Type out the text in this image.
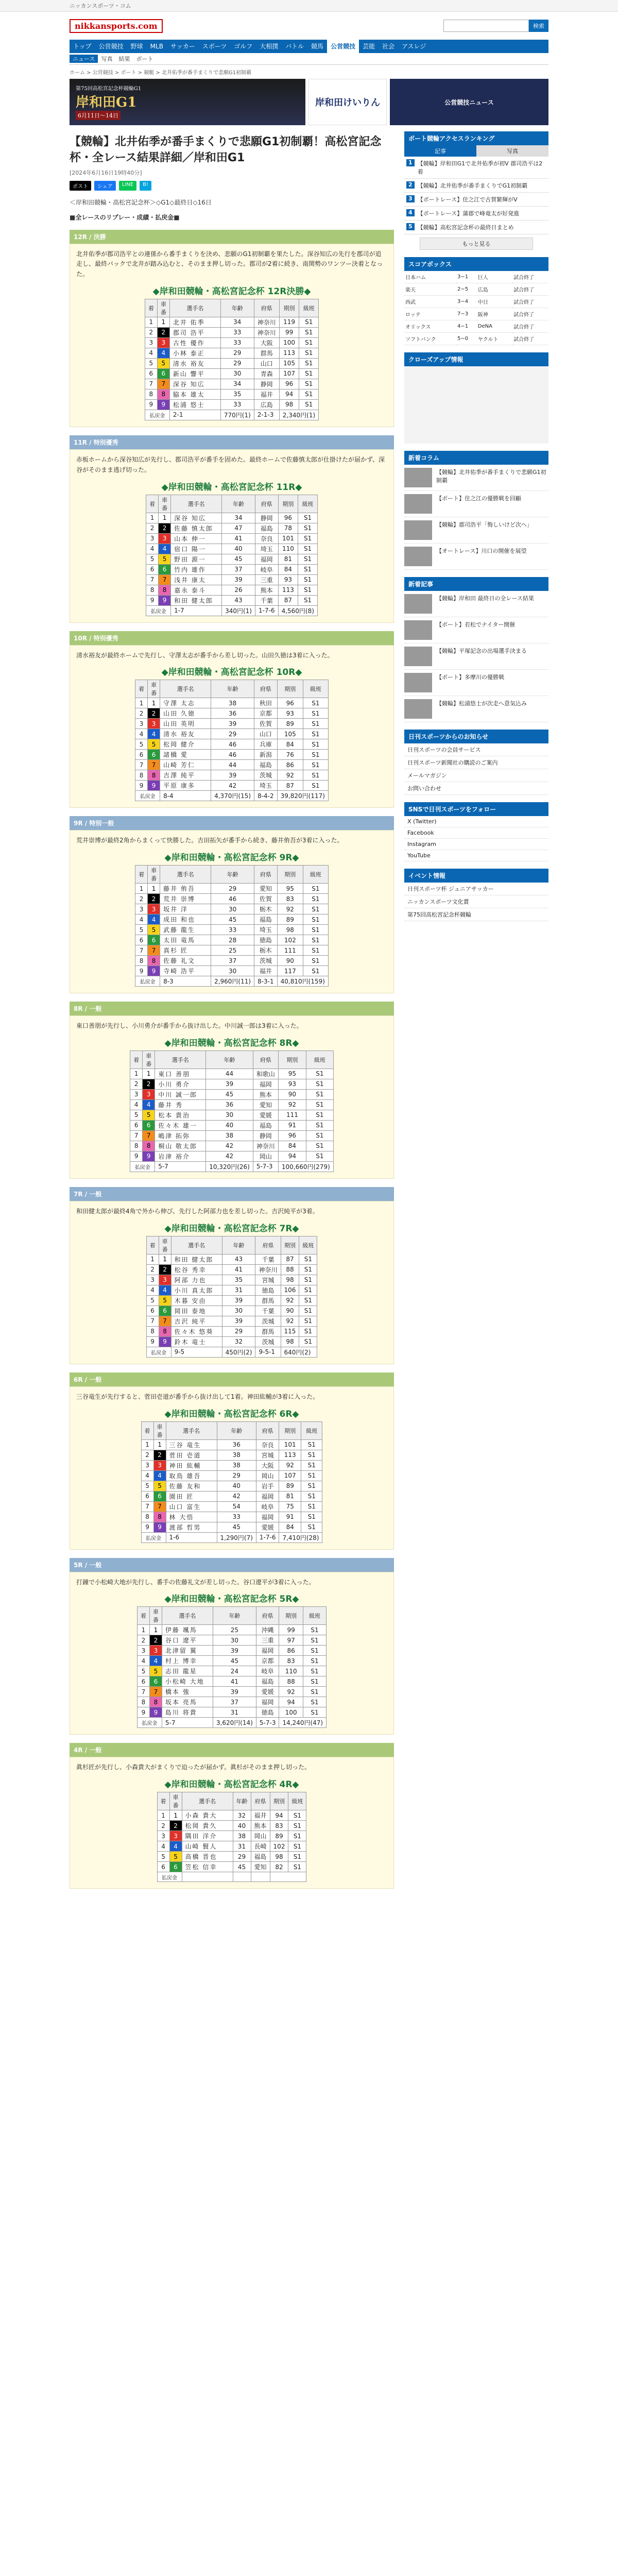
ニッカンスポーツ・コム
nikkansports.com	検索
トップ	公営競技	野球	MLB	サッカー	スポーツ	ゴルフ	大相撲	バトル	競馬	公営競技	芸能	社会	アスレジ
ニュース	写真	結果	ボート
ホーム > 公営競技 > ボート > 競艇 > 北井佑季が番手まくりで悲願G1初制覇
第75回高松宮記念杯競輪G1
岸和田G1
6月11日〜14日
岸和田けいりん	公営競技ニュース
【競輪】北井佑季が番手まくりで悲願G1初制覇！高松宮記念杯・全レース結果詳細／岸和田G1
[2024年6月16日19時40分]
ポスト	シェア	LINE	B!
＜岸和田競輪・高松宮記念杯＞◇G1◇最終日◇16日
■全レースのリプレー・成績・払戻金■
12R / 決勝

北井佑季が郡司浩平との連係から番手まくりを決め、悲願のG1初制覇を果たした。深谷知広の先行を郡司が追走し、最終バックで北井が踏み込むと、そのまま押し切った。郡司が2着に続き、南関勢のワンツー決着となった。

◆岸和田競輪・高松宮記念杯 12R決勝◆
着	車番	選手名	年齢	府県	期別	級班
1	1	北井 佑季	34	神奈川	119	S1
2	2	郡司 浩平	33	神奈川	99	S1
3	3	古性 優作	33	大阪	100	S1
4	4	小林 泰正	29	群馬	113	S1
5	5	清水 裕友	29	山口	105	S1
6	6	新山 響平	30	青森	107	S1
7	7	深谷 知広	34	静岡	96	S1
8	8	脇本 雄太	35	福井	94	S1
9	9	松浦 悠士	33	広島	98	S1
払戻金		2-1	770円(1)	2-1-3	2,340円(1)	
11R / 特別優秀

赤板ホームから深谷知広が先行し、郡司浩平が番手を固めた。最終ホームで佐藤慎太郎が仕掛けたが届かず、深谷がそのまま逃げ切った。

◆岸和田競輪・高松宮記念杯 11R◆
着	車番	選手名	年齢	府県	期別	級班
1	1	深谷 知広	34	静岡	96	S1
2	2	佐藤 慎太郎	47	福島	78	S1
3	3	山本 伸一	41	奈良	101	S1
4	4	宿口 陽一	40	埼玉	110	S1
5	5	野田 源一	45	福岡	81	S1
6	6	竹内 雄作	37	岐阜	84	S1
7	7	浅井 康太	39	三重	93	S1
8	8	嘉永 泰斗	26	熊本	113	S1
9	9	和田 健太郎	43	千葉	87	S1
払戻金		1-7	340円(1)	1-7-6	4,560円(8)	
10R / 特別優秀

清水裕友が最終ホームで先行し、守澤太志が番手から差し切った。山田久徳は3着に入った。

◆岸和田競輪・高松宮記念杯 10R◆
着	車番	選手名	年齢	府県	期別	級班
1	1	守澤 太志	38	秋田	96	S1
2	2	山田 久徳	36	京都	93	S1
3	3	山田 英明	39	佐賀	89	S1
4	4	清水 裕友	29	山口	105	S1
5	5	松岡 健介	46	兵庫	84	S1
6	6	諸橋 愛	46	新潟	76	S1
7	7	山崎 芳仁	44	福島	86	S1
8	8	吉澤 純平	39	茨城	92	S1
9	9	平原 康多	42	埼玉	87	S1
払戻金		8-4	4,370円(15)	8-4-2	39,820円(117)	
9R / 特別一般

荒井崇博が最終2角からまくって快勝した。吉田拓矢が番手から続き、藤井侑吾が3着に入った。

◆岸和田競輪・高松宮記念杯 9R◆
着	車番	選手名	年齢	府県	期別	級班
1	1	藤井 侑吾	29	愛知	95	S1
2	2	荒井 崇博	46	佐賀	83	S1
3	3	坂井 洋	30	栃木	92	S1
4	4	成田 和也	45	福島	89	S1
5	5	武藤 龍生	33	埼玉	98	S1
6	6	太田 竜馬	28	徳島	102	S1
7	7	真杉 匠	25	栃木	111	S1
8	8	佐藤 礼文	37	茨城	90	S1
9	9	寺崎 浩平	30	福井	117	S1
払戻金		8-3	2,960円(11)	8-3-1	40,810円(159)	
8R / 一般

東口善朋が先行し、小川勇介が番手から抜け出した。中川誠一郎は3着に入った。

◆岸和田競輪・高松宮記念杯 8R◆
着	車番	選手名	年齢	府県	期別	級班
1	1	東口 善朋	44	和歌山	95	S1
2	2	小川 勇介	39	福岡	93	S1
3	3	中川 誠一郎	45	熊本	90	S1
4	4	藤井 秀	36	愛知	92	S1
5	5	松本 貴治	30	愛媛	111	S1
6	6	佐々木 雄一	40	福島	91	S1
7	7	嶋津 拓弥	38	静岡	96	S1
8	8	桐山 敬太郎	42	神奈川	84	S1
9	9	岩津 裕介	42	岡山	94	S1
払戻金		5-7	10,320円(26)	5-7-3	100,660円(279)	
7R / 一般

和田健太郎が最終4角で外から伸び、先行した阿部力也を差し切った。吉沢純平が3着。

◆岸和田競輪・高松宮記念杯 7R◆
着	車番	選手名	年齢	府県	期別	級班
1	1	和田 健太郎	43	千葉	87	S1
2	2	松谷 秀幸	41	神奈川	88	S1
3	3	阿部 力也	35	宮城	98	S1
4	4	小川 真太郎	31	徳島	106	S1
5	5	木暮 安由	39	群馬	92	S1
6	6	岡田 泰地	30	千葉	90	S1
7	7	吉沢 純平	39	茨城	92	S1
8	8	佐々木 悠葵	29	群馬	115	S1
9	9	鈴木 竜士	32	茨城	98	S1
払戻金		9-5	450円(2)	9-5-1	640円(2)	
6R / 一般

三谷竜生が先行すると、菅田壱道が番手から抜け出して1着。神田紘輔が3着に入った。

◆岸和田競輪・高松宮記念杯 6R◆
着	車番	選手名	年齢	府県	期別	級班
1	1	三谷 竜生	36	奈良	101	S1
2	2	菅田 壱道	38	宮城	113	S1
3	3	神田 紘輔	38	大阪	92	S1
4	4	取鳥 雄吾	29	岡山	107	S1
5	5	佐藤 友和	40	岩手	89	S1
6	6	園田 匠	42	福岡	81	S1
7	7	山口 富生	54	岐阜	75	S1
8	8	林 大悟	33	福岡	91	S1
9	9	渡部 哲男	45	愛媛	84	S1
払戻金		1-6	1,290円(7)	1-7-6	7,410円(28)	
5R / 一般

打鐘で小松崎大地が先行し、番手の佐藤礼文が差し切った。谷口遼平が3着に入った。

◆岸和田競輪・高松宮記念杯 5R◆
着	車番	選手名	年齢	府県	期別	級班
1	1	伊藤 颯馬	25	沖縄	99	S1
2	2	谷口 遼平	30	三重	97	S1
3	3	北津留 翼	39	福岡	86	S1
4	4	村上 博幸	45	京都	83	S1
5	5	志田 龍星	24	岐阜	110	S1
6	6	小松崎 大地	41	福島	88	S1
7	7	橋本 強	39	愛媛	92	S1
8	8	坂本 亮馬	37	福岡	94	S1
9	9	島川 将貴	31	徳島	100	S1
払戻金		5-7	3,620円(14)	5-7-3	14,240円(47)	
4R / 一般

眞杉匠が先行し、小森貴大がまくりで迫ったが届かず。眞杉がそのまま押し切った。

◆岸和田競輪・高松宮記念杯 4R◆
着	車番	選手名	年齢	府県	期別	級班
1	1	小森 貴大	32	福井	94	S1
2	2	松岡 貴久	40	熊本	83	S1
3	3	隅田 洋介	38	岡山	89	S1
4	4	山崎 賢人	31	長崎	102	S1
5	5	高橋 晋也	29	福島	98	S1
6	6	笠松 信幸	45	愛知	82	S1
払戻金						
ボート競輪アクセスランキング
記事	写真
1 【競輪】岸和田G1で北井佑季が初V 郡司浩平は2着
2 【競輪】北井佑季が番手まくりでG1初制覇
3 【ボートレース】住之江で古賀繁輝がV
4 【ボートレース】蒲郡で峰竜太が好発進
5 【競輪】高松宮記念杯の最終日まとめ
もっと見る
スコアボックス
日本ハム	3−1	巨人	試合終了
楽天	2−5	広島	試合終了
西武	3−4	中日	試合終了
ロッテ	7−3	阪神	試合終了
オリックス	4−1	DeNA	試合終了
ソフトバンク	5−0	ヤクルト	試合終了
クローズアップ情報
新着コラム
【競輪】北井佑季が番手まくりで悲願G1初制覇
【ボート】住之江の優勝戦を回顧
【競輪】郡司浩平「悔しいけど次へ」
【オートレース】川口の開催を展望
新着記事
【競輪】岸和田 最終日の全レース結果
【ボート】若松でナイター開催
【競輪】平塚記念の出場選手決まる
【ボート】多摩川の優勝戦
【競輪】松浦悠士が次走へ意気込み
日刊スポーツからのお知らせ
日刊スポーツの会員サービス
日刊スポーツ新聞社の購読のご案内
メールマガジン
お問い合わせ
SNSで日刊スポーツをフォロー
X (Twitter)
Facebook
Instagram
YouTube
イベント情報
日刊スポーツ杯 ジュニアサッカー
ニッカンスポーツ文化賞
第75回高松宮記念杯競輪
